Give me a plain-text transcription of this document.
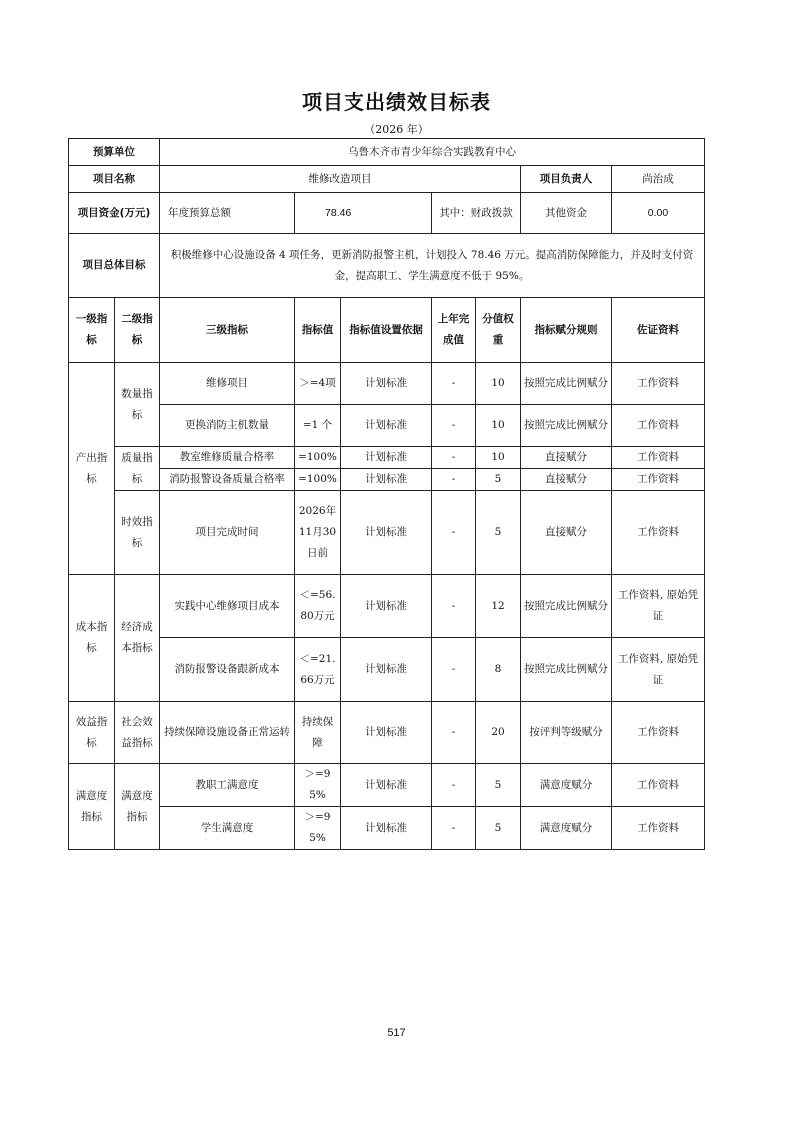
项目支出绩效目标表
（2026 年）
预算单位		乌鲁木齐市青少年综合实践教育中心						
项目名称		维修改造项目					项目负责人	尚治成
项目资金(万元)		年度预算总额	78.46		其中：财政拨款		其他资金	0.00
项目总体目标		积极维修中心设施设备 4 项任务，更新消防报警主机，计划投入 78.46 万元。提高消防保障能力，并及时支付资金，提高职工、学生满意度不低于 95%。						
一级指标	二级指标	三级指标	指标值	指标值设置依据	上年完成值	分值权重	指标赋分规则	佐证资料
产出指标	数量指标	维修项目	＞=4项	计划标准	-	10	按照完成比例赋分	工作资料
		更换消防主机数量	=1 个	计划标准	-	10	按照完成比例赋分	工作资料
	质量指标	教室维修质量合格率	=100%	计划标准	-	10	直接赋分	工作资料
		消防报警设备质量合格率	=100%	计划标准	-	5	直接赋分	工作资料
	时效指标	项目完成时间	2026年11月30日前	计划标准	-	5	直接赋分	工作资料
成本指标	经济成本指标	实践中心维修项目成本	＜=56.80万元	计划标准	-	12	按照完成比例赋分	工作资料, 原始凭证
		消防报警设备跟新成本	＜=21.66万元	计划标准	-	8	按照完成比例赋分	工作资料, 原始凭证
效益指标	社会效益指标	持续保障设施设备正常运转	持续保障	计划标准	-	20	按评判等级赋分	工作资料
满意度指标	满意度指标	教职工满意度	＞=95%	计划标准	-	5	满意度赋分	工作资料
		学生满意度	＞=95%	计划标准	-	5	满意度赋分	工作资料
517
